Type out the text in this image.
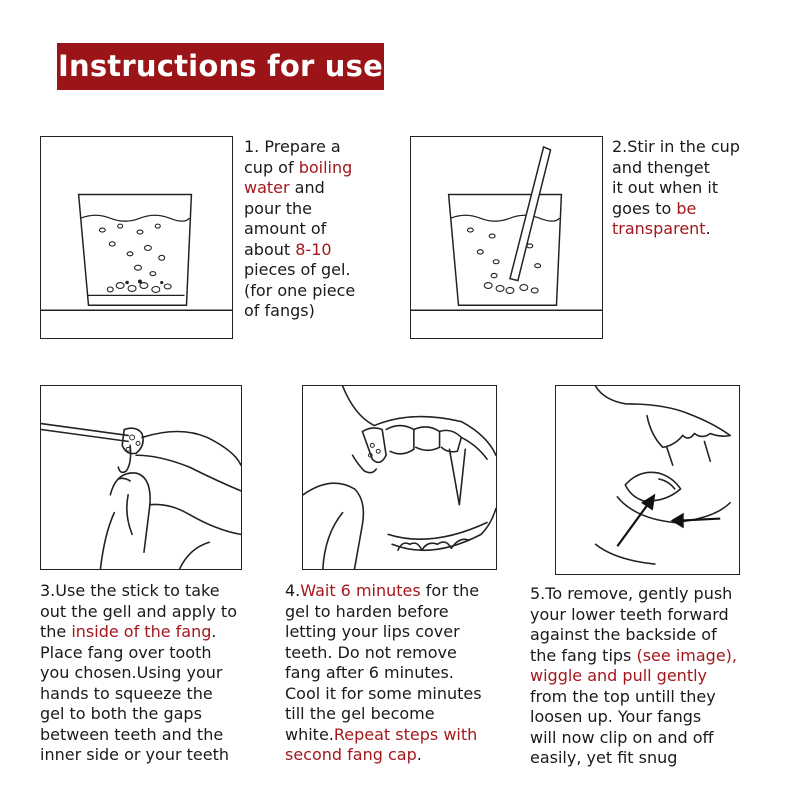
Instructions for use
1. Prepare a
cup of boiling
water and
pour the
amount of
about 8-10
pieces of gel.
(for one piece
of fangs)
2.Stir in the cup
and thenget
it out when it
goes to be
transparent.
3.Use the stick to take
out the gell and apply to
the inside of the fang.
Place fang over tooth
you chosen.Using your
hands to squeeze the
gel to both the gaps
between teeth and the
inner side or your teeth
4.Wait 6 minutes for the
gel to harden before
letting your lips cover
teeth. Do not remove
fang after 6 minutes.
Cool it for some minutes
till the gel become
white.Repeat steps with
second fang cap.
5.To remove, gently push
your lower teeth forward
against the backside of
the fang tips (see image),
wiggle and pull gently
from the top untill they
loosen up. Your fangs
will now clip on and off
easily, yet fit snug
